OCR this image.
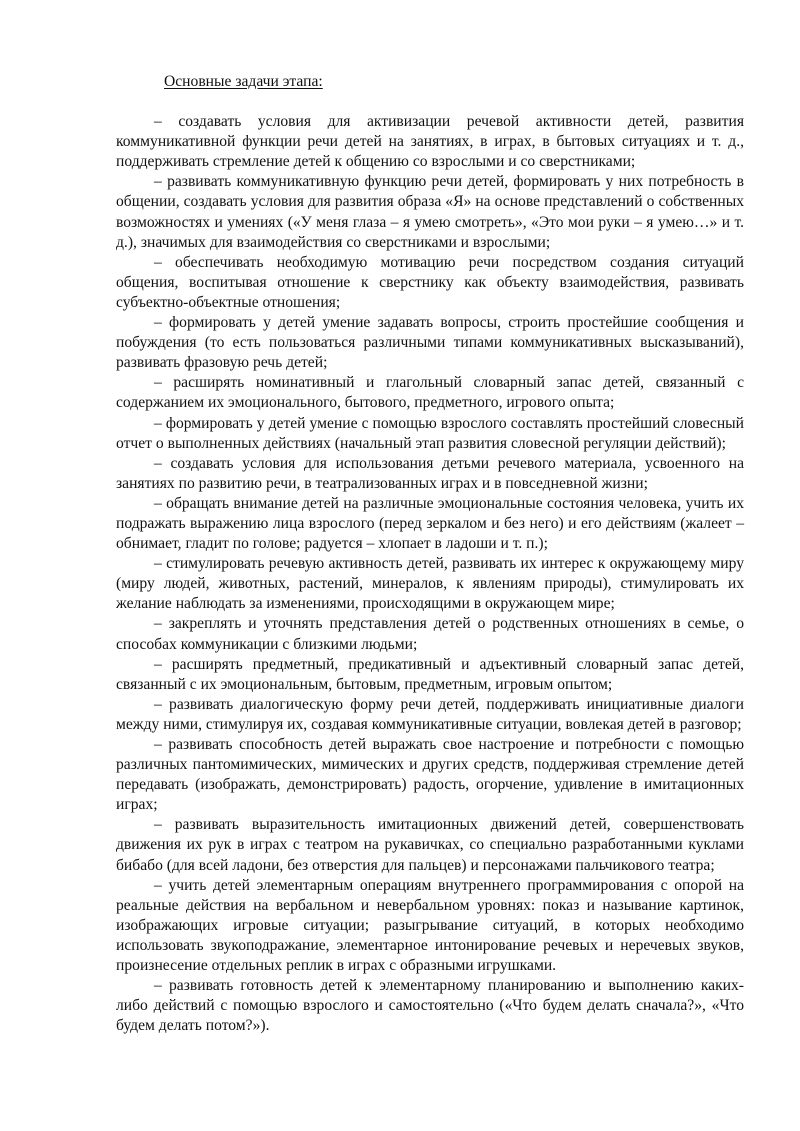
Основные задачи этапа:

– создавать условия для активизации речевой активности детей, развития коммуникативной функции речи детей на занятиях, в играх, в бытовых ситуациях и т. д., поддерживать стремление детей к общению со взрослыми и со сверстниками;

– развивать коммуникативную функцию речи детей, формировать у них потребность в общении, создавать условия для развития образа «Я» на основе представлений о собственных возможностях и умениях («У меня глаза – я умею смотреть», «Это мои руки – я умею…» и т. д.), значимых для взаимодействия со сверстниками и взрослыми;

– обеспечивать необходимую мотивацию речи посредством создания ситуаций общения, воспитывая отношение к сверстнику как объекту взаимодействия, развивать субъектно-объектные отношения;

– формировать у детей умение задавать вопросы, строить простейшие сообщения и побуждения (то есть пользоваться различными типами коммуникативных высказываний), развивать фразовую речь детей;

– расширять номинативный и глагольный словарный запас детей, связанный с содержанием их эмоционального, бытового, предметного, игрового опыта;

– формировать у детей умение с помощью взрослого составлять простейший словесный отчет о выполненных действиях (начальный этап развития словесной регуляции действий);

– создавать условия для использования детьми речевого материала, усвоенного на занятиях по развитию речи, в театрализованных играх и в повседневной жизни;

– обращать внимание детей на различные эмоциональные состояния человека, учить их подражать выражению лица взрослого (перед зеркалом и без него) и его действиям (жалеет – обнимает, гладит по голове; радуется – хлопает в ладоши и т. п.);

– стимулировать речевую активность детей, развивать их интерес к окружающему миру (миру людей, животных, растений, минералов, к явлениям природы), стимулировать их желание наблюдать за изменениями, происходящими в окружающем мире;

– закреплять и уточнять представления детей о родственных отношениях в семье, о способах коммуникации с близкими людьми;

– расширять предметный, предикативный и адъективный словарный запас детей, связанный с их эмоциональным, бытовым, предметным, игровым опытом;

– развивать диалогическую форму речи детей, поддерживать инициативные диалоги между ними, стимулируя их, создавая коммуникативные ситуации, вовлекая детей в разговор;

– развивать способность детей выражать свое настроение и потребности с помощью различных пантомимических, мимических и других средств, поддерживая стремление детей передавать (изображать, демонстрировать) радость, огорчение, удивление в имитационных играх;

– развивать выразительность имитационных движений детей, совершенствовать движения их рук в играх с театром на рукавичках, со специально разработанными куклами бибабо (для всей ладони, без отверстия для пальцев) и персонажами пальчикового театра;

– учить детей элементарным операциям внутреннего программирования с опорой на реальные действия на вербальном и невербальном уровнях: показ и называние картинок, изображающих игровые ситуации; разыгрывание ситуаций, в которых необходимо использовать звукоподражание, элементарное интонирование речевых и неречевых звуков, произнесение отдельных реплик в играх с образными игрушками.

– развивать готовность детей к элементарному планированию и выполнению каких-либо действий с помощью взрослого и самостоятельно («Что будем делать сначала?», «Что будем делать потом?»).
